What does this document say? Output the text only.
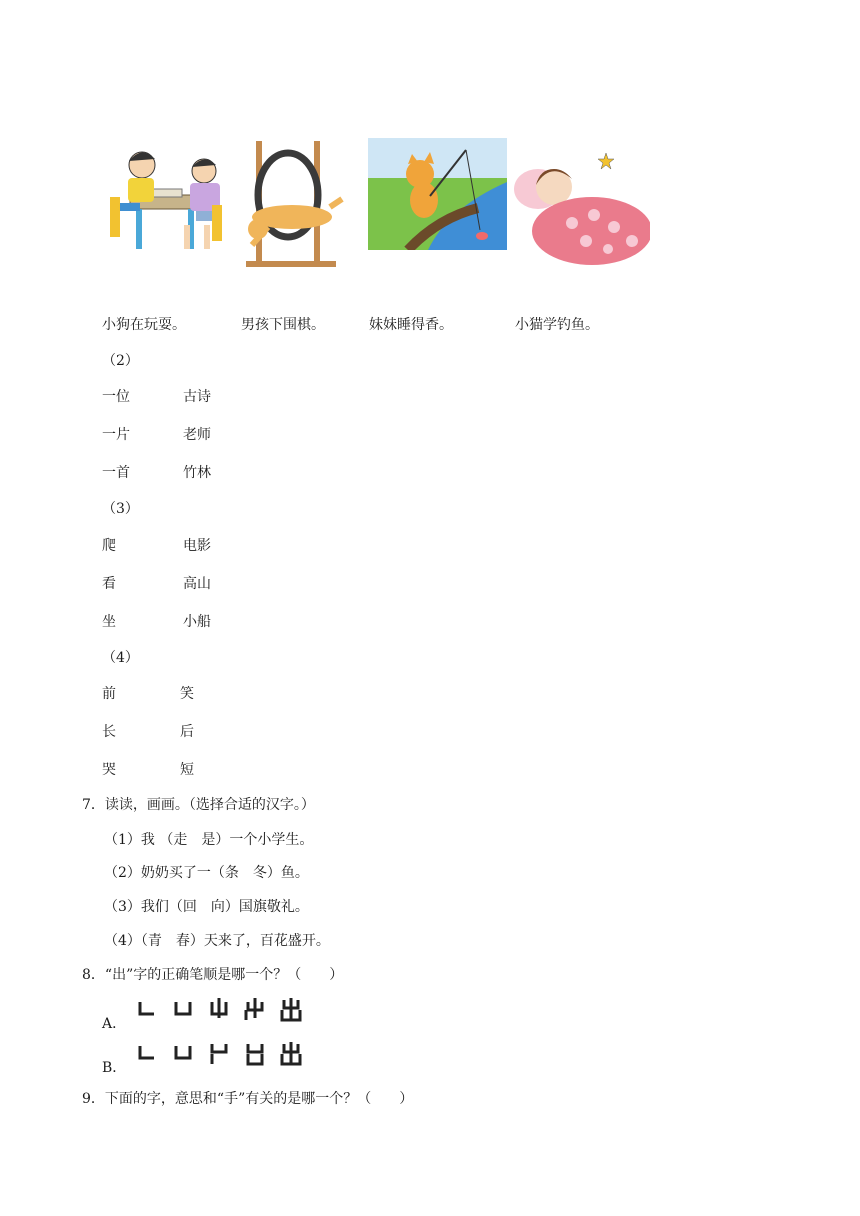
小狗在玩耍。	男孩下围棋。	妹妹睡得香。	小猫学钓鱼。
（2）
一位	古诗
一片	老师
一首	竹林
（3）
爬	电影
看	高山
坐	小船
（4）
前	笑
长	后
哭	短
7．读读，画画。（选择合适的汉字。）
（1）我 （走　是）一个小学生。
（2）奶奶买了一（条　冬）鱼。
（3）我们（回　向）国旗敬礼。
（4）（青　春）天来了，百花盛开。
8．“出”字的正确笔顺是哪一个？（　　）
A．
B．
9．下面的字，意思和“手”有关的是哪一个？（　　）
